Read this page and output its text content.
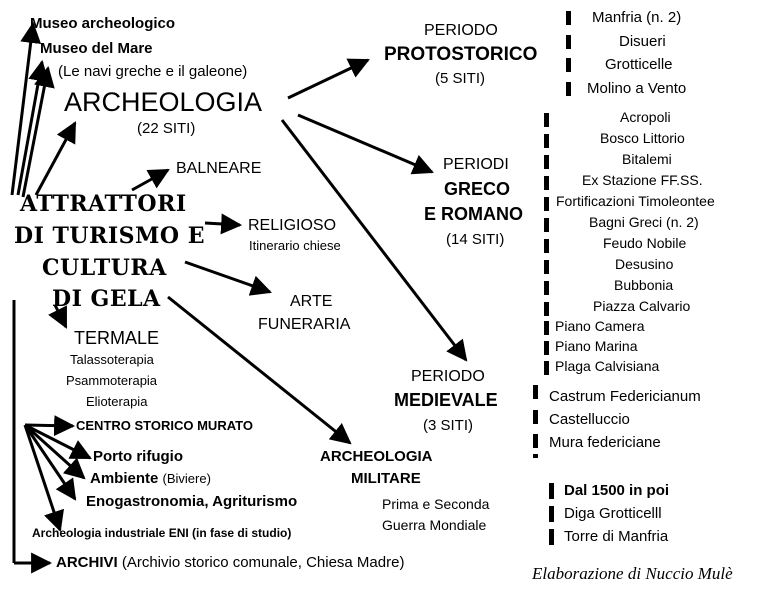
Museo archeologico
Museo del Mare
(Le navi greche e il galeone)
ARCHEOLOGIA
(22 SITI)
BALNEARE
ATTRATTORI
DI TURISMO E
CULTURA
DI GELA
RELIGIOSO
Itinerario chiese
ARTE
FUNERARIA
TERMALE
Talassoterapia
Psammoterapia
Elioterapia
CENTRO STORICO MURATO
Porto rifugio
Ambiente (Biviere)
Enogastronomia, Agriturismo
Archeologia industriale ENI (in fase di studio)
ARCHIVI (Archivio storico comunale, Chiesa Madre)
ARCHEOLOGIA
MILITARE
Prima e Seconda
Guerra Mondiale
PERIODO
PROTOSTORICO
(5 SITI)
PERIODI
GRECO
E ROMANO
(14 SITI)
PERIODO
MEDIEVALE
(3 SITI)
Manfria (n. 2)
Disueri
Grotticelle
Molino a Vento
Acropoli
Bosco Littorio
Bitalemi
Ex Stazione FF.SS.
Fortificazioni Timoleontee
Bagni Greci (n. 2)
Feudo Nobile
Desusino
Bubbonia
Piazza Calvario
Piano Camera
Piano Marina
Plaga Calvisiana
Castrum Federicianum
Castelluccio
Mura federiciane
Dal 1500 in poi
Diga Grotticelll
Torre di Manfria
Elaborazione di Nuccio Mulè
